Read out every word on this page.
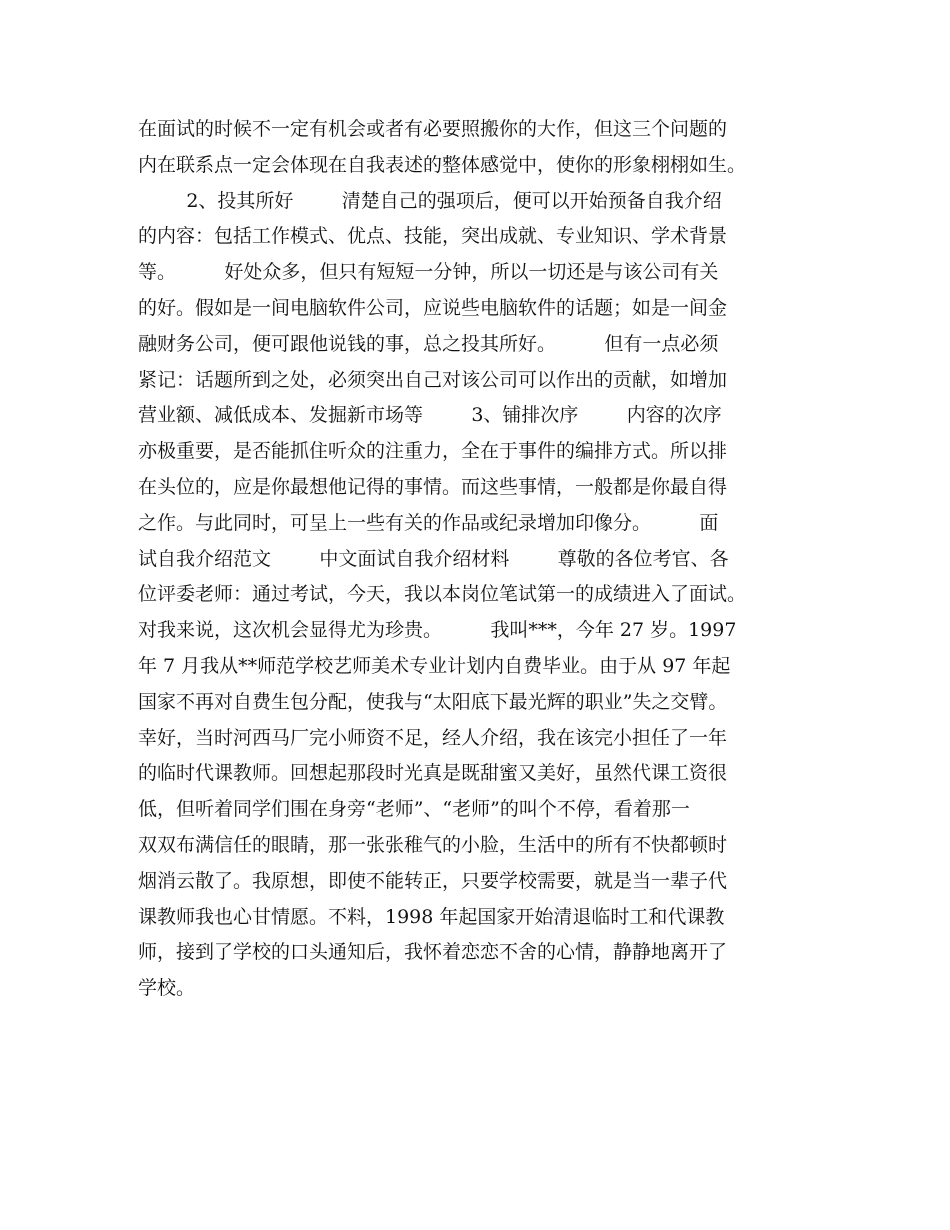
在面试的时候不一定有机会或者有必要照搬你的大作，但这三个问题的
内在联系点一定会体现在自我表述的整体感觉中，使你的形象栩栩如生。
2、投其所好        清楚自己的强项后，便可以开始预备自我介绍
的内容：包括工作模式、优点、技能，突出成就、专业知识、学术背景
等。        好处众多，但只有短短一分钟，所以一切还是与该公司有关
的好。假如是一间电脑软件公司，应说些电脑软件的话题；如是一间金
融财务公司，便可跟他说钱的事，总之投其所好。        但有一点必须
紧记：话题所到之处，必须突出自己对该公司可以作出的贡献，如增加
营业额、减低成本、发掘新市场等        3、铺排次序        内容的次序
亦极重要，是否能抓住听众的注重力，全在于事件的编排方式。所以排
在头位的，应是你最想他记得的事情。而这些事情，一般都是你最自得
之作。与此同时，可呈上一些有关的作品或纪录增加印像分。        面
试自我介绍范文        中文面试自我介绍材料        尊敬的各位考官、各
位评委老师：通过考试，今天，我以本岗位笔试第一的成绩进入了面试。
对我来说，这次机会显得尤为珍贵。        我叫***，今年 27 岁。1997
年 7 月我从**师范学校艺师美术专业计划内自费毕业。由于从 97 年起
国家不再对自费生包分配，使我与“太阳底下最光辉的职业”失之交臂。
幸好，当时河西马厂完小师资不足，经人介绍，我在该完小担任了一年
的临时代课教师。回想起那段时光真是既甜蜜又美好，虽然代课工资很
低，但听着同学们围在身旁“老师”、“老师”的叫个不停，看着那一
双双布满信任的眼睛，那一张张稚气的小脸，生活中的所有不快都顿时
烟消云散了。我原想，即使不能转正，只要学校需要，就是当一辈子代
课教师我也心甘情愿。不料，1998 年起国家开始清退临时工和代课教
师，接到了学校的口头通知后，我怀着恋恋不舍的心情，静静地离开了
学校。
